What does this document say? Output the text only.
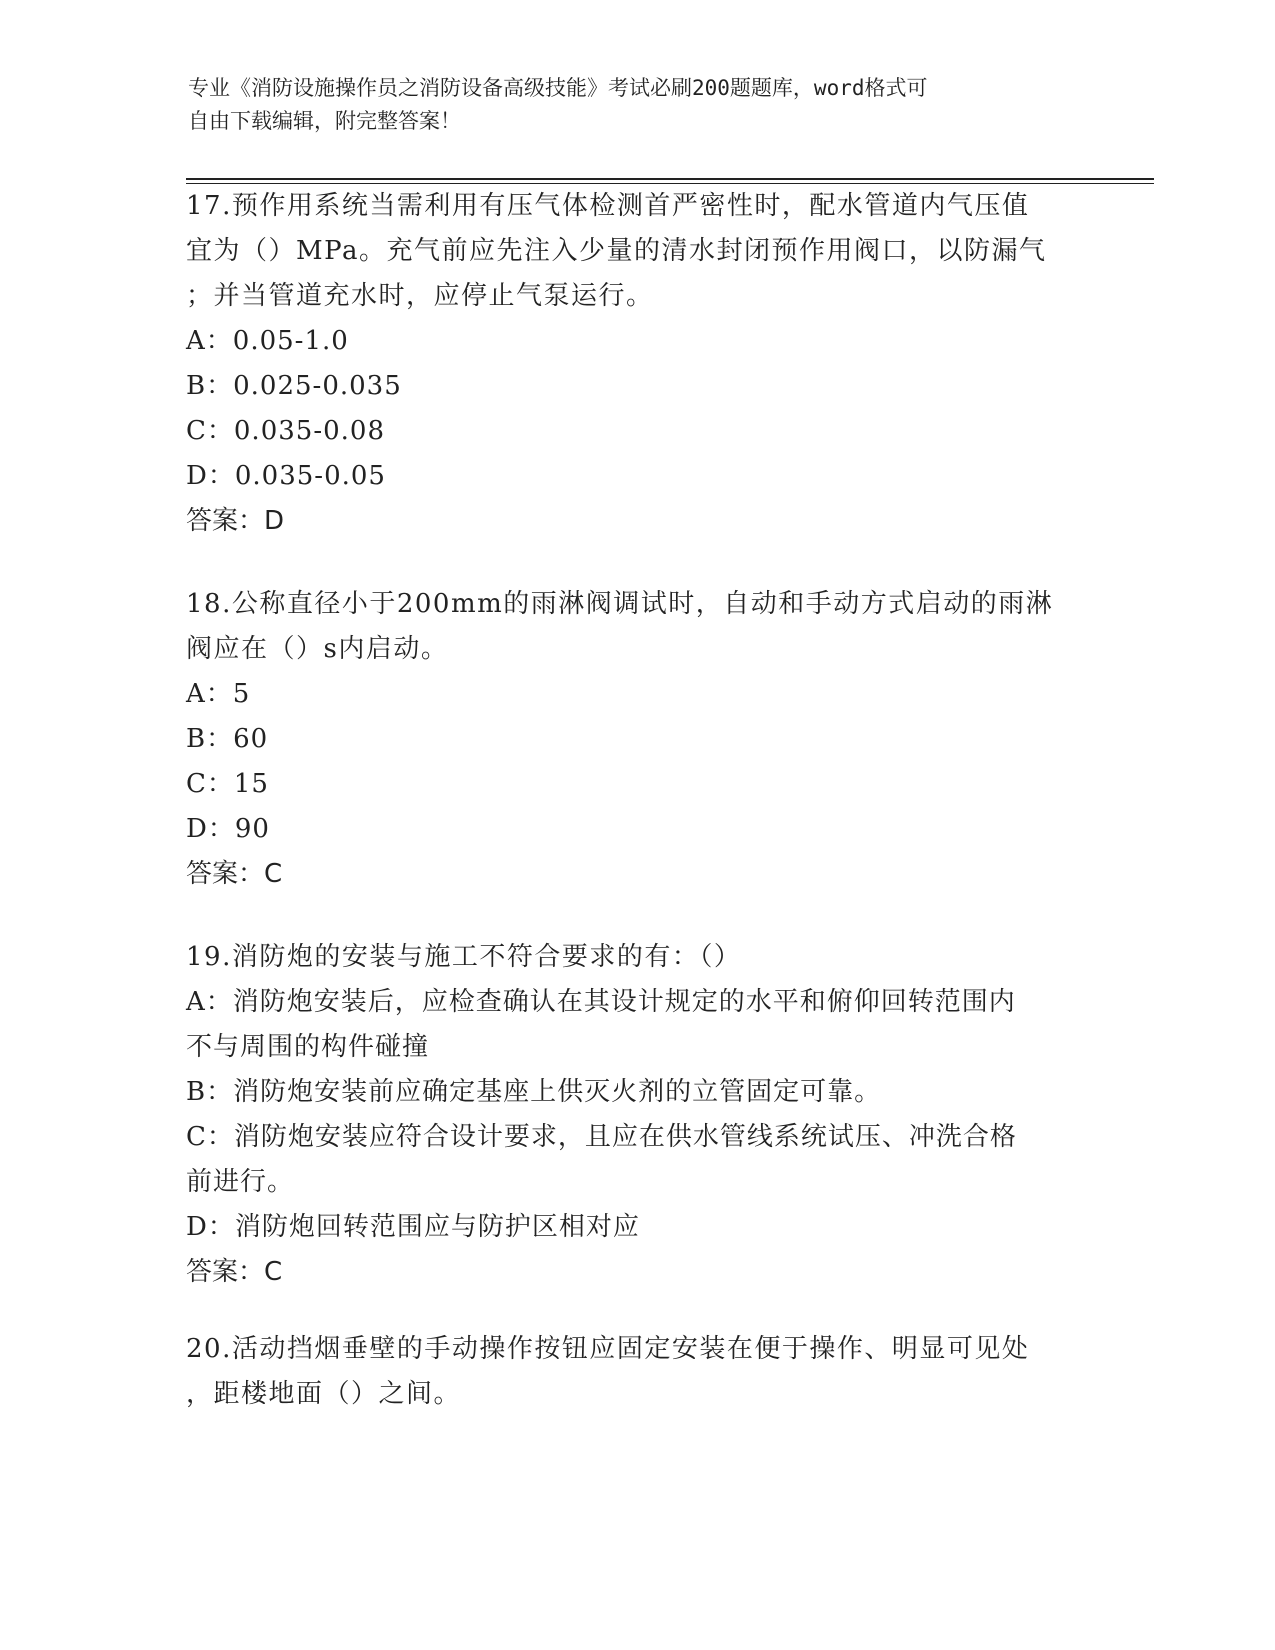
专业《消防设施操作员之消防设备高级技能》考试必刷200题题库，word格式可
自由下载编辑，附完整答案！
17.预作用系统当需利用有压气体检测首严密性时，配水管道内气压值
宜为（）MPa。充气前应先注入少量的清水封闭预作用阀口，以防漏气
；并当管道充水时，应停止气泵运行。
A：0.05-1.0
B：0.025-0.035
C：0.035-0.08
D：0.035-0.05
答案：D
18.公称直径小于200mm的雨淋阀调试时，自动和手动方式启动的雨淋
阀应在（）s内启动。
A：5
B：60
C：15
D：90
答案：C
19.消防炮的安装与施工不符合要求的有：（）
A：消防炮安装后，应检查确认在其设计规定的水平和俯仰回转范围内
不与周围的构件碰撞
B：消防炮安装前应确定基座上供灭火剂的立管固定可靠。
C：消防炮安装应符合设计要求，且应在供水管线系统试压、冲洗合格
前进行。
D：消防炮回转范围应与防护区相对应
答案：C
20.活动挡烟垂壁的手动操作按钮应固定安装在便于操作、明显可见处
，距楼地面（）之间。
